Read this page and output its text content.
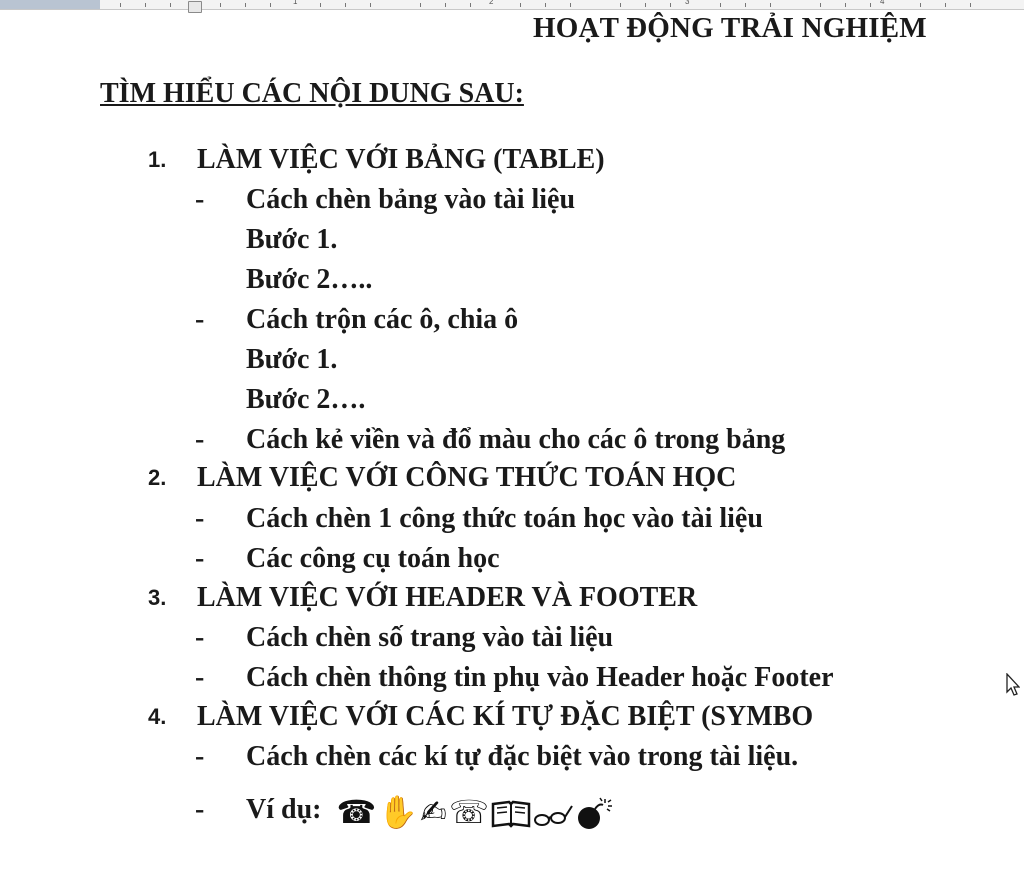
1	2	3	4
HOẠT ĐỘNG TRẢI NGHIỆM
TÌM HIỂU CÁC NỘI DUNG SAU:
1. LÀM VIỆC VỚI BẢNG (TABLE)
- Cách chèn bảng vào tài liệu
Bước 1.
Bước 2…..
- Cách trộn các ô, chia ô
Bước 1.
Bước 2….
- Cách kẻ viền và đổ màu cho các ô trong bảng
2. LÀM VIỆC VỚI CÔNG THỨC TOÁN HỌC
- Cách chèn 1 công thức toán học vào tài liệu
- Các công cụ toán học
3. LÀM VIỆC VỚI HEADER VÀ FOOTER
- Cách chèn số trang vào tài liệu
- Cách chèn thông tin phụ vào Header hoặc Footer
4. LÀM VIỆC VỚI CÁC KÍ TỰ ĐẶC BIỆT (SYMBO
- Cách chèn các kí tự đặc biệt vào trong tài liệu.
- Ví dụ: ☎ ✋ ✍ ☏
